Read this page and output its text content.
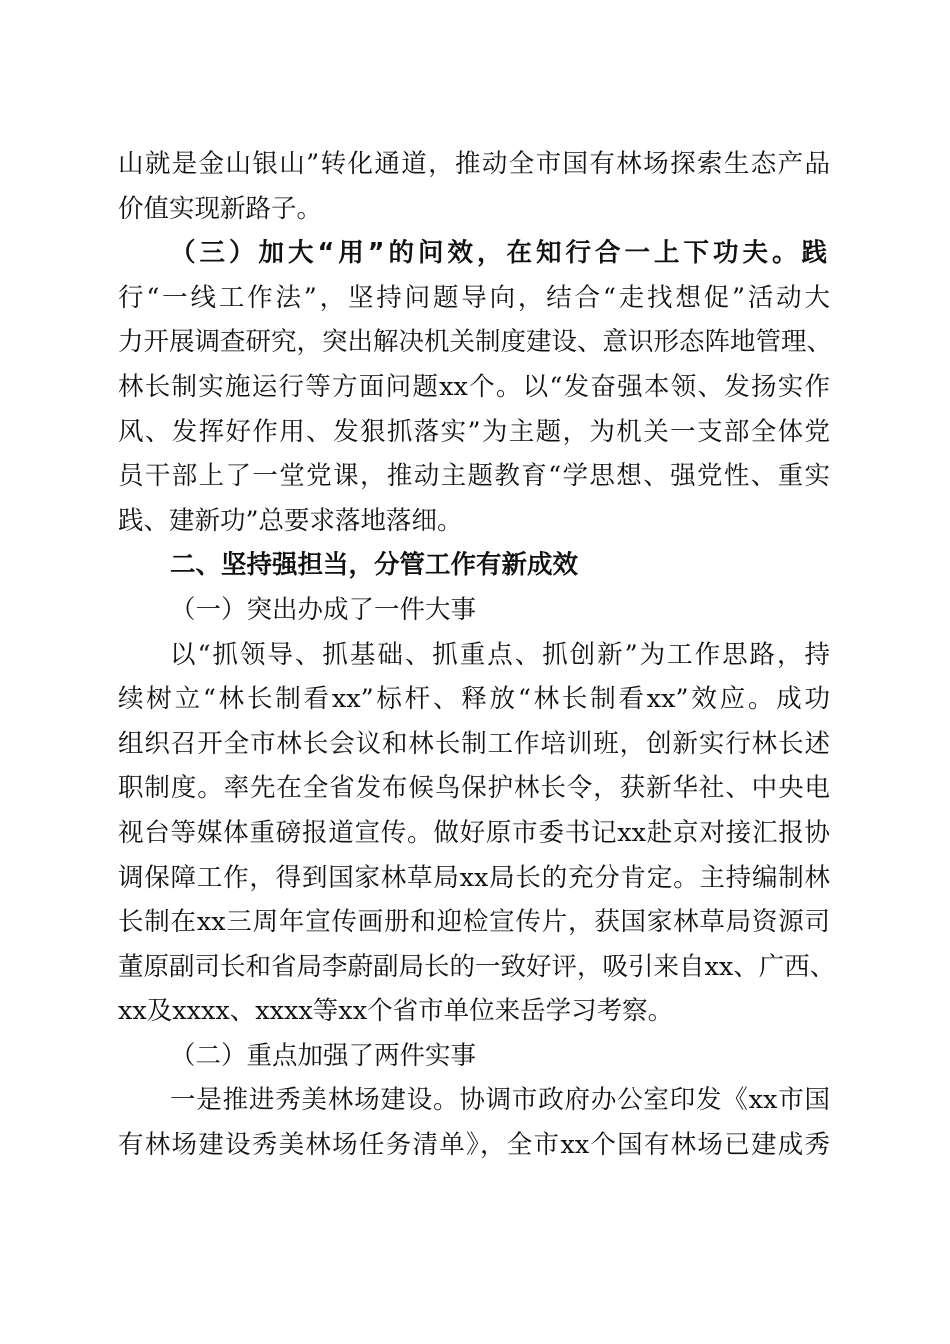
山就是金山银山”转化通道，推动全市国有林场探索生态产品
价值实现新路子。
（三）加大“用”的问效，在知行合一上下功夫。践
行“一线工作法”，坚持问题导向，结合“走找想促”活动大
力开展调查研究，突出解决机关制度建设、意识形态阵地管理、
林长制实施运行等方面问题xx个。以“发奋强本领、发扬实作
风、发挥好作用、发狠抓落实”为主题，为机关一支部全体党
员干部上了一堂党课，推动主题教育“学思想、强党性、重实
践、建新功”总要求落地落细。
二、坚持强担当，分管工作有新成效
（一）突出办成了一件大事
以“抓领导、抓基础、抓重点、抓创新”为工作思路，持
续树立“林长制看xx”标杆、释放“林长制看xx”效应。成功
组织召开全市林长会议和林长制工作培训班，创新实行林长述
职制度。率先在全省发布候鸟保护林长令，获新华社、中央电
视台等媒体重磅报道宣传。做好原市委书记xx赴京对接汇报协
调保障工作，得到国家林草局xx局长的充分肯定。主持编制林
长制在xx三周年宣传画册和迎检宣传片，获国家林草局资源司
董原副司长和省局李蔚副局长的一致好评，吸引来自xx、广西、
xx及xxxx、xxxx等xx个省市单位来岳学习考察。
（二）重点加强了两件实事
一是推进秀美林场建设。协调市政府办公室印发《xx市国
有林场建设秀美林场任务清单》，全市xx个国有林场已建成秀
